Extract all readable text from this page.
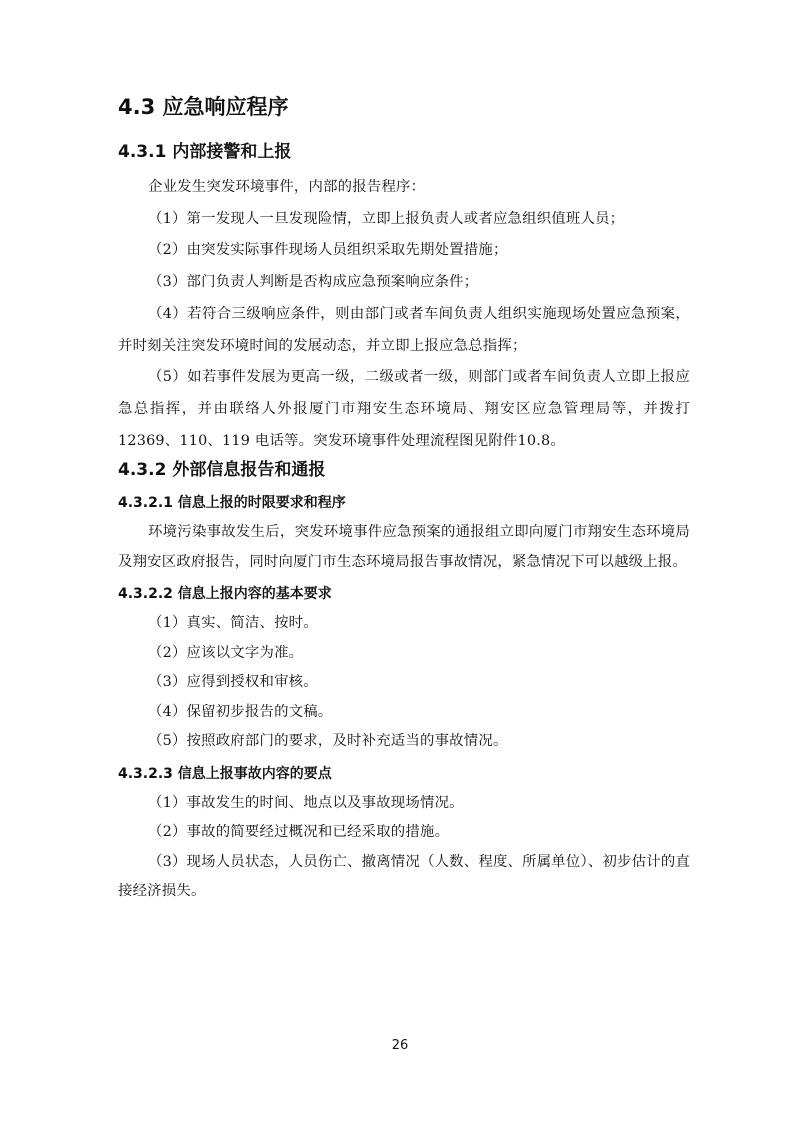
4.3 应急响应程序
4.3.1 内部接警和上报

企业发生突发环境事件，内部的报告程序：

（1）第一发现人一旦发现险情，立即上报负责人或者应急组织值班人员；

（2）由突发实际事件现场人员组织采取先期处置措施；

（3）部门负责人判断是否构成应急预案响应条件；

（4）若符合三级响应条件，则由部门或者车间负责人组织实施现场处置应急预案，并时刻关注突发环境时间的发展动态，并立即上报应急总指挥；

（5）如若事件发展为更高一级，二级或者一级，则部门或者车间负责人立即上报应急总指挥，并由联络人外报厦门市翔安生态环境局、翔安区应急管理局等，并拨打 12369、110、119 电话等。突发环境事件处理流程图见附件10.8。

4.3.2 外部信息报告和通报
4.3.2.1 信息上报的时限要求和程序

环境污染事故发生后，突发环境事件应急预案的通报组立即向厦门市翔安生态环境局及翔安区政府报告，同时向厦门市生态环境局报告事故情况，紧急情况下可以越级上报。

4.3.2.2 信息上报内容的基本要求

（1）真实、简洁、按时。

（2）应该以文字为准。

（3）应得到授权和审核。

（4）保留初步报告的文稿。

（5）按照政府部门的要求，及时补充适当的事故情况。

4.3.2.3 信息上报事故内容的要点

（1）事故发生的时间、地点以及事故现场情况。

（2）事故的简要经过概况和已经采取的措施。

（3）现场人员状态，人员伤亡、撤离情况（人数、程度、所属单位）、初步估计的直接经济损失。

26
